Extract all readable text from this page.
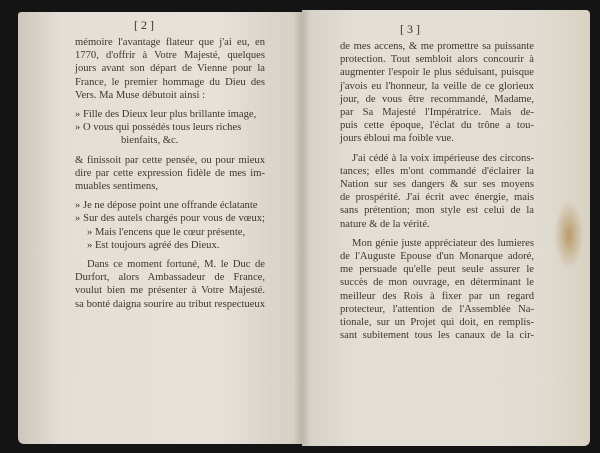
[ 2 ]
mémoire l'avantage flateur que j'ai eu, en
1770, d'offrir à Votre Majesté, quelques
jours avant son départ de Vienne pour la
France, le premier hommage du Dieu des
Vers. Ma Muse débutoit ainsi :
» Fille des Dieux leur plus brillante image,
» O vous qui possédés tous leurs riches
bienfaits, &c.
& finissoit par cette pensée, ou pour mieux
dire par cette expression fidèle de mes im-
muables sentimens,
» Je ne dépose point une offrande éclatante
» Sur des autels chargés pour vous de vœux;
» Mais l'encens que le cœur présente,
» Est toujours agréé des Dieux.
Dans ce moment fortuné, M. le Duc de
Durfort, alors Ambassadeur de France,
voulut bien me présenter à Votre Majesté.
sa bonté daigna sourire au tribut respectueux
[ 3 ]
de mes accens, & me promettre sa puissante
protection. Tout sembloit alors concourir à
augmenter l'espoir le plus séduisant, puisque
j'avois eu l'honneur, la veille de ce glorieux
jour, de vous être recommandé, Madame,
par Sa Majesté l'Impératrice. Mais de-
puis cette époque, l'éclat du trône a tou-
jours ébloui ma foible vue.
J'ai cédé à la voix impérieuse des circons-
tances; elles m'ont commandé d'éclairer la
Nation sur ses dangers & sur ses moyens
de prospérité. J'ai écrit avec énergie, mais
sans prétention; mon style est celui de la
nature & de la vérité.
Mon génie juste appréciateur des lumieres
de l'Auguste Epouse d'un Monarque adoré,
me persuade qu'elle peut seule assurer le
succès de mon ouvrage, en déterminant le
meilleur des Rois à fixer par un regard
protecteur, l'attention de l'Assemblée Na-
tionale, sur un Projet qui doit, en remplis-
sant subitement tous les canaux de la cir-
